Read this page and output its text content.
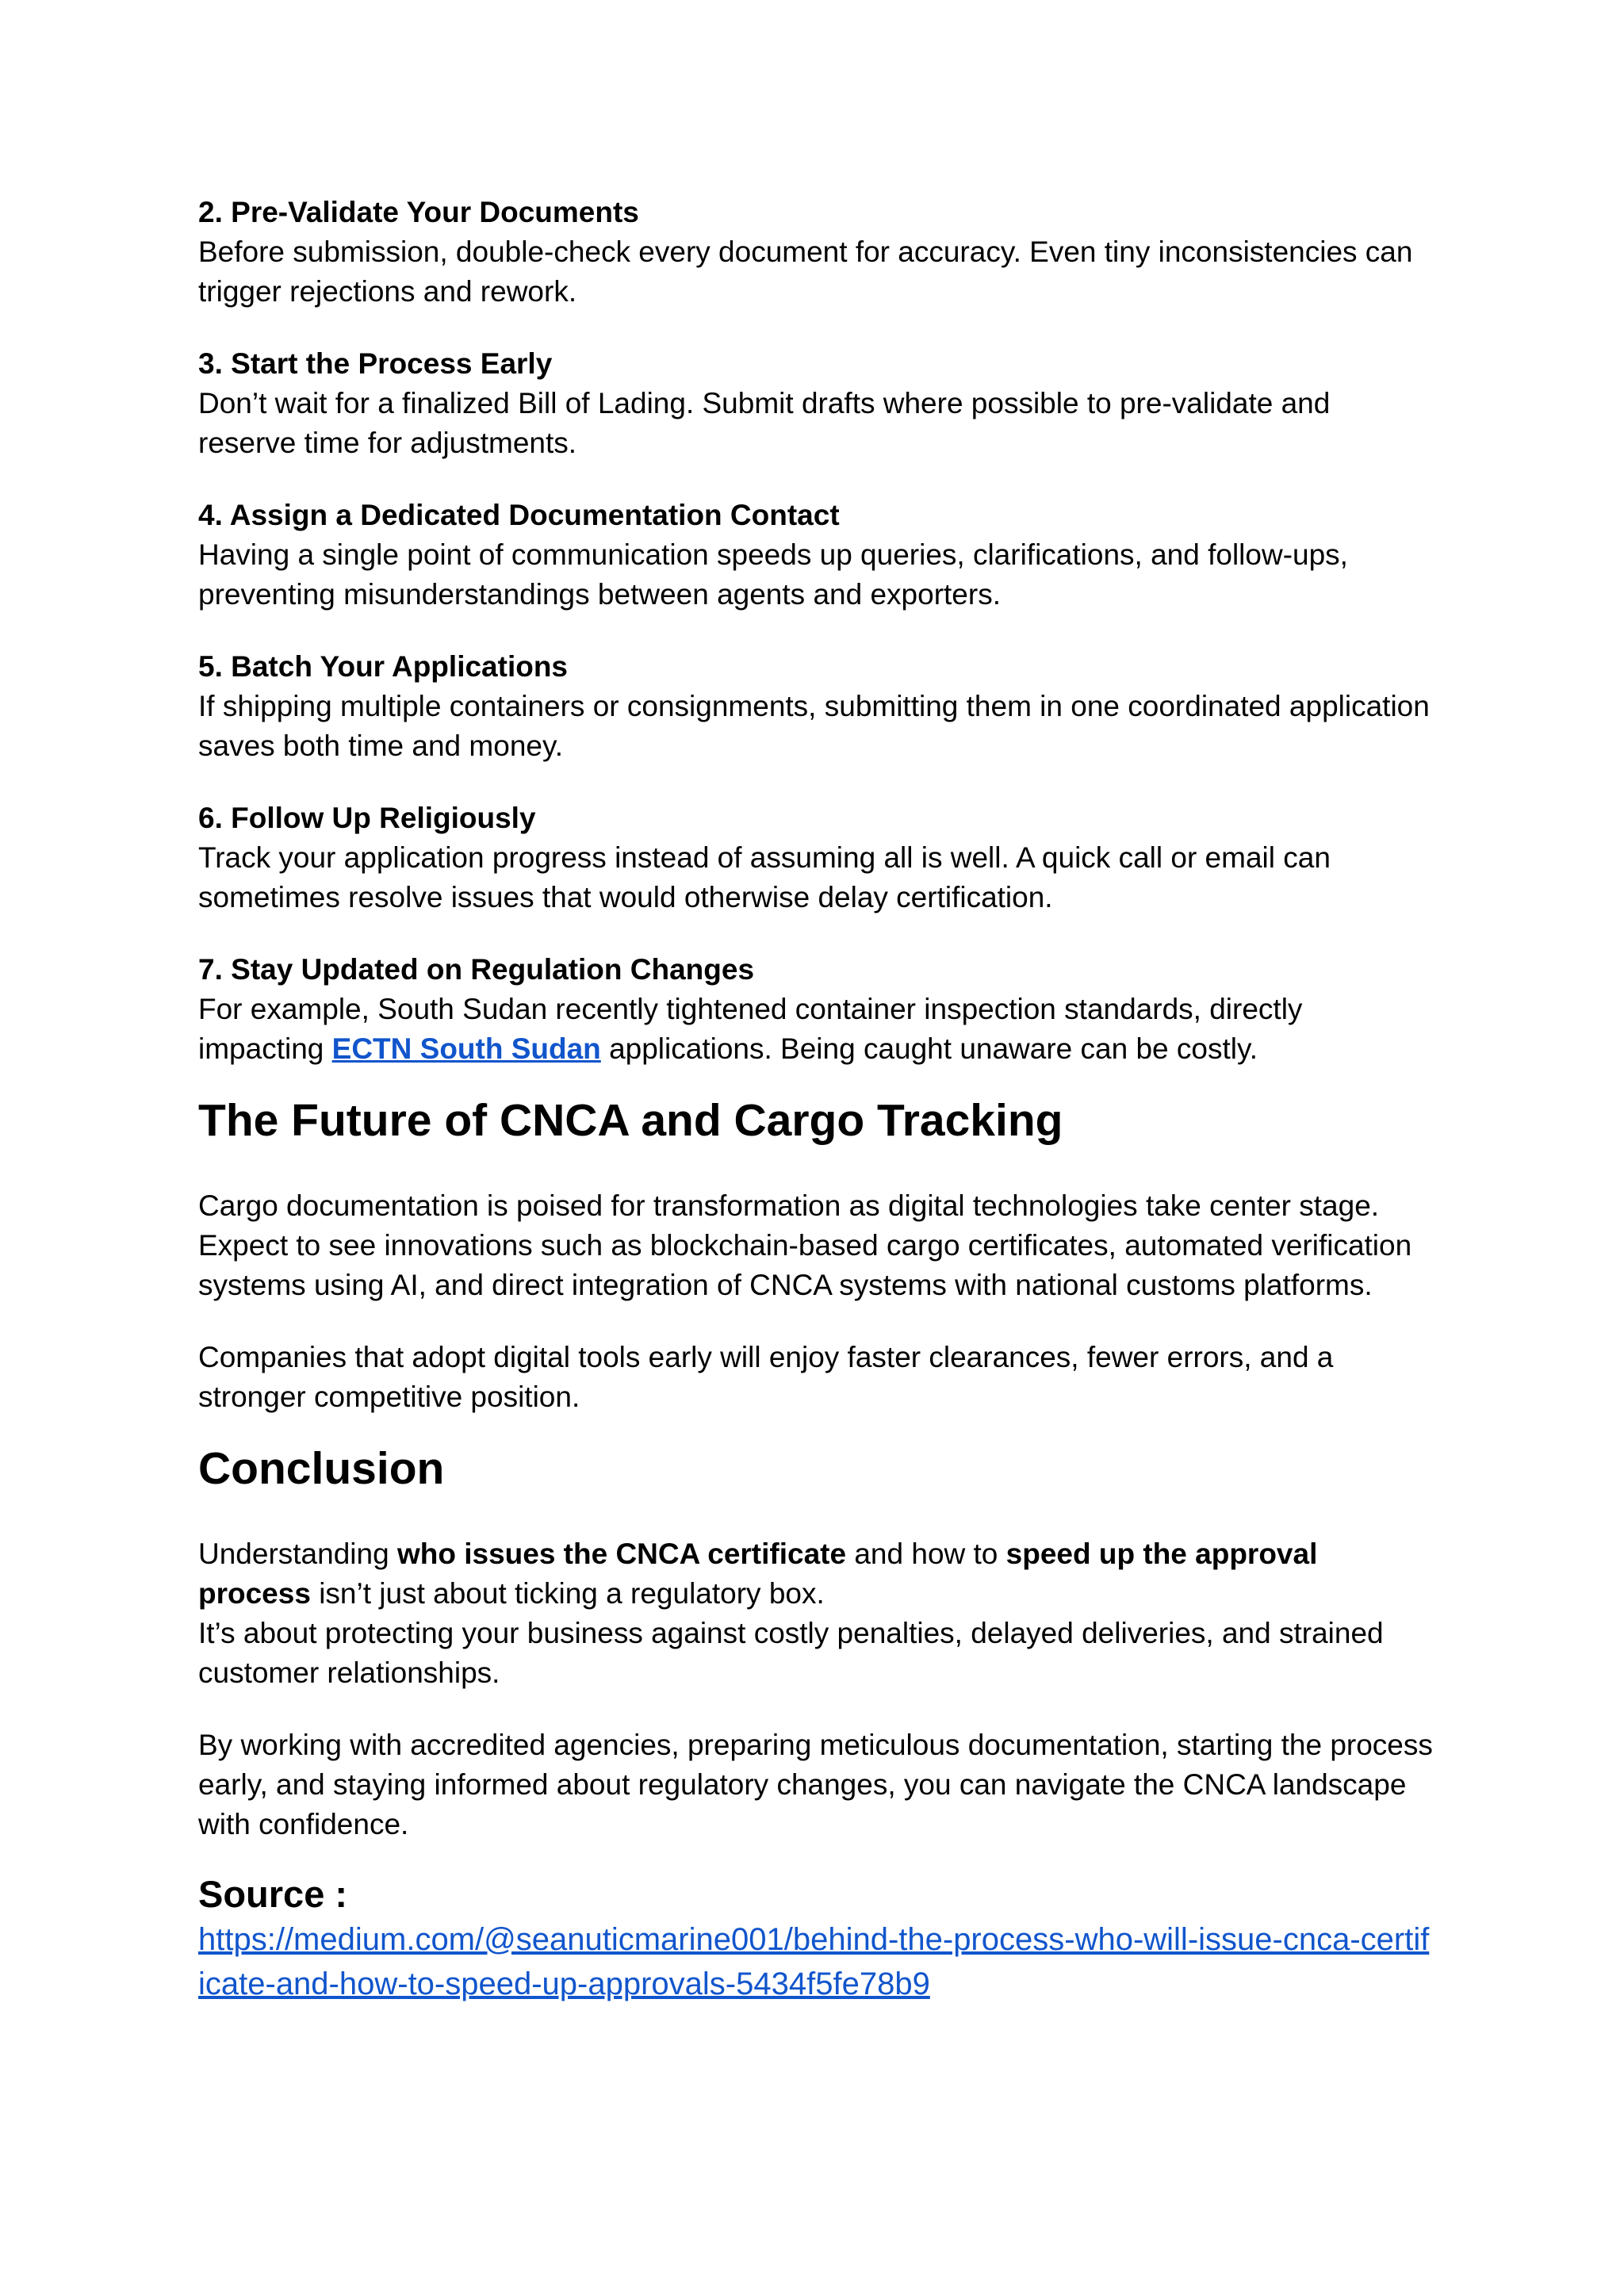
2. Pre-Validate Your Documents
Before submission, double-check every document for accuracy. Even tiny inconsistencies can trigger rejections and rework.
3. Start the Process Early
Don’t wait for a finalized Bill of Lading. Submit drafts where possible to pre-validate and reserve time for adjustments.
4. Assign a Dedicated Documentation Contact
Having a single point of communication speeds up queries, clarifications, and follow-ups, preventing misunderstandings between agents and exporters.
5. Batch Your Applications
If shipping multiple containers or consignments, submitting them in one coordinated application saves both time and money.
6. Follow Up Religiously
Track your application progress instead of assuming all is well. A quick call or email can sometimes resolve issues that would otherwise delay certification.
7. Stay Updated on Regulation Changes
For example, South Sudan recently tightened container inspection standards, directly impacting ECTN South Sudan applications. Being caught unaware can be costly.
The Future of CNCA and Cargo Tracking
Cargo documentation is poised for transformation as digital technologies take center stage. Expect to see innovations such as blockchain-based cargo certificates, automated verification systems using AI, and direct integration of CNCA systems with national customs platforms.
Companies that adopt digital tools early will enjoy faster clearances, fewer errors, and a stronger competitive position.
Conclusion
Understanding who issues the CNCA certificate and how to speed up the approval process isn’t just about ticking a regulatory box.
It’s about protecting your business against costly penalties, delayed deliveries, and strained customer relationships.
By working with accredited agencies, preparing meticulous documentation, starting the process early, and staying informed about regulatory changes, you can navigate the CNCA landscape with confidence.
Source :
https://medium.com/@seanuticmarine001/behind-the-process-who-will-issue-cnca-certificate-and-how-to-speed-up-approvals-5434f5fe78b9
